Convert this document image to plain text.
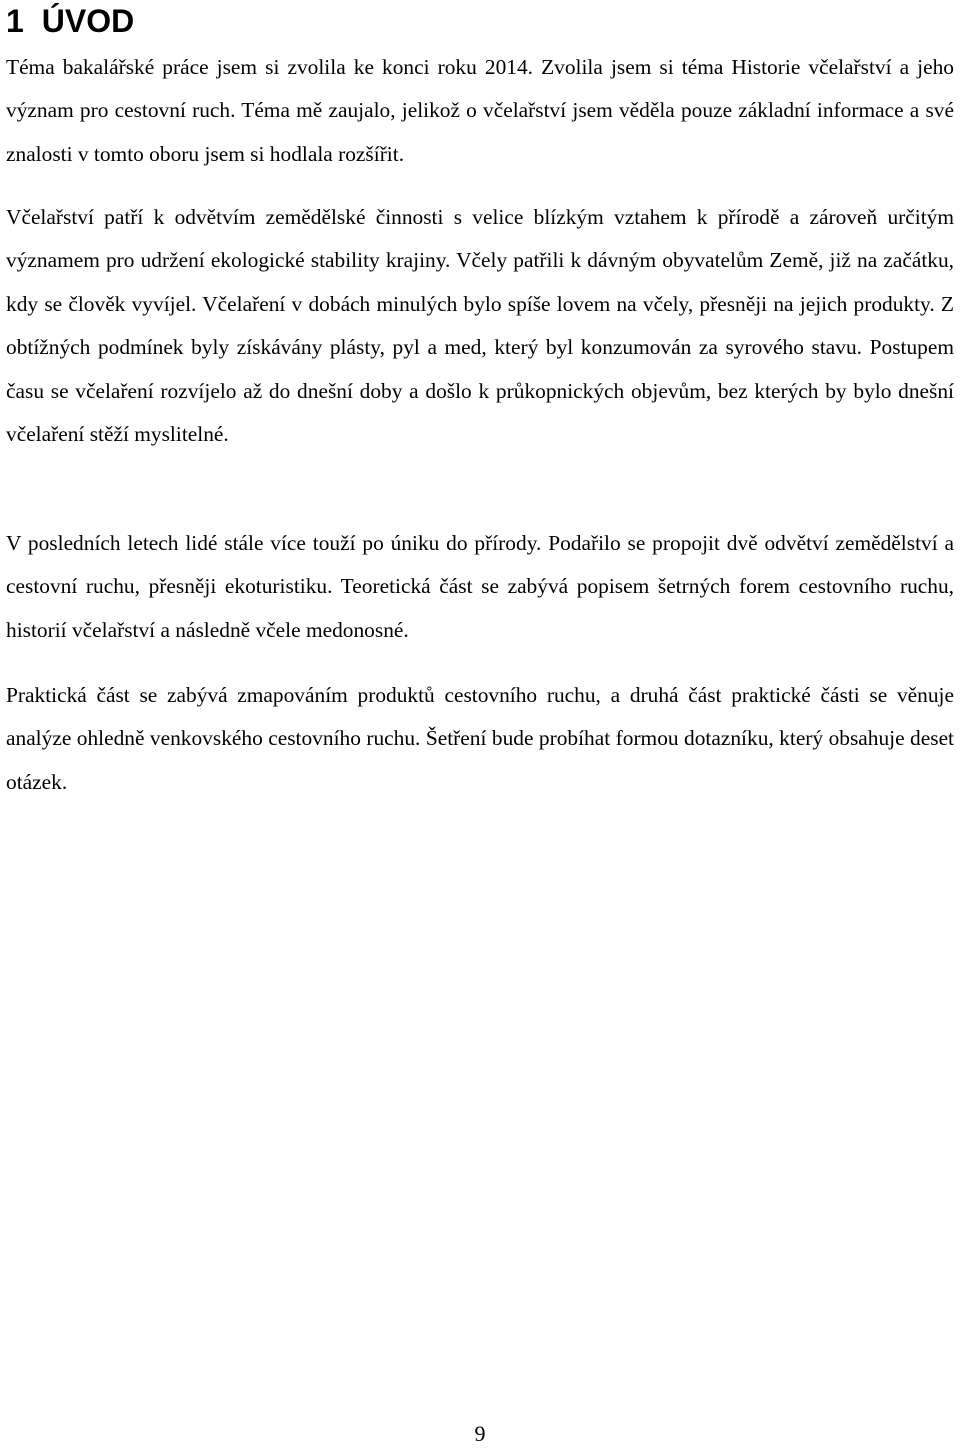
1 ÚVOD

Téma bakalářské práce jsem si zvolila ke konci roku 2014. Zvolila jsem si téma Historie včelařství a jeho význam pro cestovní ruch. Téma mě zaujalo, jelikož o včelařství jsem věděla pouze základní informace a své znalosti v tomto oboru jsem si hodlala rozšířit.

Včelařství patří k odvětvím zemědělské činnosti s velice blízkým vztahem k přírodě a zároveň určitým významem pro udržení ekologické stability krajiny. Včely patřili k dávným obyvatelům Země, již na začátku, kdy se člověk vyvíjel. Včelaření v dobách minulých bylo spíše lovem na včely, přesněji na jejich produkty. Z obtížných podmínek byly získávány plásty, pyl a med, který byl konzumován za syrového stavu. Postupem času se včelaření rozvíjelo až do dnešní doby a došlo k průkopnických objevům, bez kterých by bylo dnešní včelaření stěží myslitelné.

V posledních letech lidé stále více touží po úniku do přírody. Podařilo se propojit dvě odvětví zemědělství a cestovní ruchu, přesněji ekoturistiku. Teoretická část se zabývá popisem šetrných forem cestovního ruchu, historií včelařství a následně včele medonosné.

Praktická část se zabývá zmapováním produktů cestovního ruchu, a druhá část praktické části se věnuje analýze ohledně venkovského cestovního ruchu. Šetření bude probíhat formou dotazníku, který obsahuje deset otázek.

9
